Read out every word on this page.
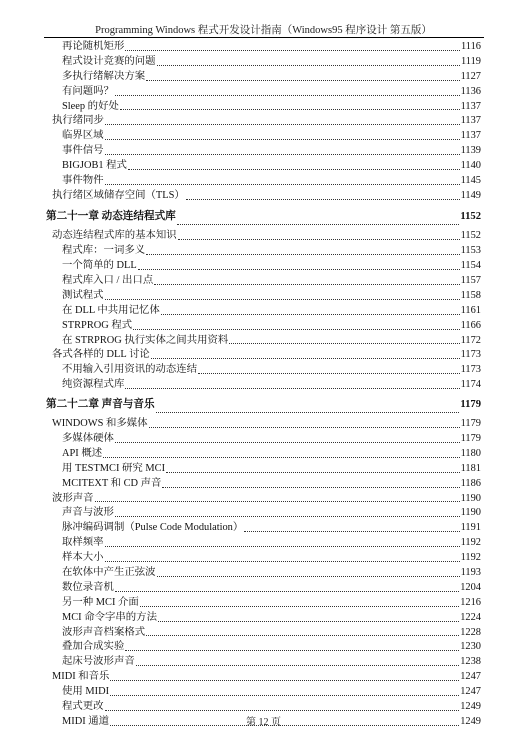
Programming Windows 程式开发设计指南（Windows95 程序设计 第五版）
再论随机矩形	1116
程式设计竞赛的问题	1119
多执行绪解决方案	1127
有问题吗？	1136
Sleep 的好处	1137
执行绪同步	1137
临界区域	1137
事件信号	1139
BIGJOB1 程式	1140
事件物件	1145
执行绪区域储存空间（TLS）	1149
第二十一章 动态连结程式库	1152
动态连结程式库的基本知识	1152
程式库：一词多义	1153
一个简单的 DLL	1154
程式库入口 / 出口点	1157
测试程式	1158
在 DLL 中共用记忆体	1161
STRPROG 程式	1166
在 STRPROG 执行实体之间共用资料	1172
各式各样的 DLL 讨论	1173
不用输入引用资讯的动态连结	1173
纯资源程式库	1174
第二十二章 声音与音乐	1179
WINDOWS 和多媒体	1179
多媒体硬体	1179
API 概述	1180
用 TESTMCI 研究 MCI	1181
MCITEXT 和 CD 声音	1186
波形声音	1190
声音与波形	1190
脉冲编码调制（Pulse Code Modulation）	1191
取样频率	1192
样本大小	1192
在软体中产生正弦波	1193
数位录音机	1204
另一种 MCI 介面	1216
MCI 命令字串的方法	1224
波形声音档案格式	1228
叠加合成实验	1230
起床号波形声音	1238
MIDI 和音乐	1247
使用 MIDI	1247
程式更改	1249
MIDI 通道	1249
第 12 页
